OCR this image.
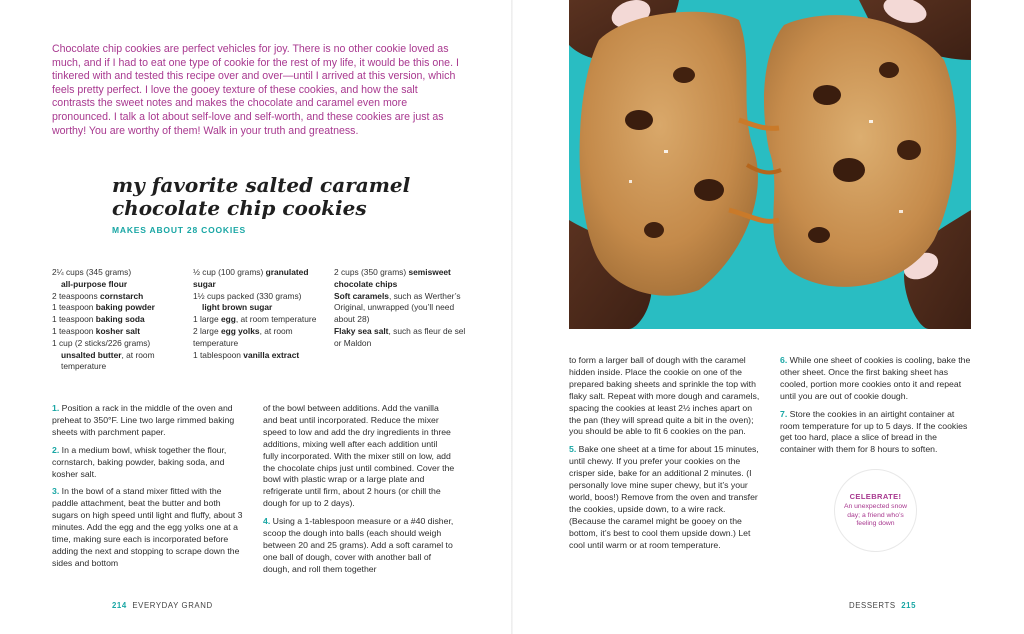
Chocolate chip cookies are perfect vehicles for joy. There is no other cookie loved as much, and if I had to eat one type of cookie for the rest of my life, it would be this one. I tinkered with and tested this recipe over and over—until I arrived at this version, which feels pretty perfect. I love the gooey texture of these cookies, and how the salt contrasts the sweet notes and makes the chocolate and caramel even more pronounced. I talk a lot about self-love and self-worth, and these cookies are just as worthy! You are worthy of them! Walk in your truth and greatness.
my favorite salted caramel
chocolate chip cookies
MAKES ABOUT 28 COOKIES

2¼ cups (345 grams)
all-purpose flour

2 teaspoons cornstarch

1 teaspoon baking powder

1 teaspoon baking soda

1 teaspoon kosher salt

1 cup (2 sticks/226 grams)
unsalted butter, at room temperature

½ cup (100 grams) granulated sugar

1½ cups packed (330 grams)
light brown sugar

1 large egg, at room temperature

2 large egg yolks, at room temperature

1 tablespoon vanilla extract

2 cups (350 grams) semisweet chocolate chips

Soft caramels, such as Werther’s Original, unwrapped (you’ll need about 28)

Flaky sea salt, such as fleur de sel or Maldon

1. Position a rack in the middle of the oven and preheat to 350°F. Line two large rimmed baking sheets with parchment paper.

2. In a medium bowl, whisk together the flour, cornstarch, baking powder, baking soda, and kosher salt.

3. In the bowl of a stand mixer fitted with the paddle attachment, beat the butter and both sugars on high speed until light and fluffy, about 3 minutes. Add the egg and the egg yolks one at a time, making sure each is incorporated before adding the next and stopping to scrape down the sides and bottom

of the bowl between additions. Add the vanilla and beat until incorporated. Reduce the mixer speed to low and add the dry ingredients in three additions, mixing well after each addition until fully incorporated. With the mixer still on low, add the chocolate chips just until combined. Cover the bowl with plastic wrap or a large plate and refrigerate until firm, about 2 hours (or chill the dough for up to 2 days).

4. Using a 1-tablespoon measure or a #40 disher, scoop the dough into balls (each should weigh between 20 and 25 grams). Add a soft caramel to one ball of dough, cover with another ball of dough, and roll them together

214 EVERYDAY GRAND

to form a larger ball of dough with the caramel hidden inside. Place the cookie on one of the prepared baking sheets and sprinkle the top with flaky salt. Repeat with more dough and caramels, spacing the cookies at least 2½ inches apart on the pan (they will spread quite a bit in the oven); you should be able to fit 6 cookies on the pan.

5. Bake one sheet at a time for about 15 minutes, until chewy. If you prefer your cookies on the crisper side, bake for an additional 2 minutes. (I personally love mine super chewy, but it’s your world, boos!) Remove from the oven and transfer the cookies, upside down, to a wire rack. (Because the caramel might be gooey on the bottom, it’s best to cool them upside down.) Let cool until warm or at room temperature.

6. While one sheet of cookies is cooling, bake the other sheet. Once the first baking sheet has cooled, portion more cookies onto it and repeat until you are out of cookie dough.

7. Store the cookies in an airtight container at room temperature for up to 5 days. If the cookies get too hard, place a slice of bread in the container with them for 8 hours to soften.

CELEBRATE!
An unexpected snow day; a friend who’s feeling down
DESSERTS 215
